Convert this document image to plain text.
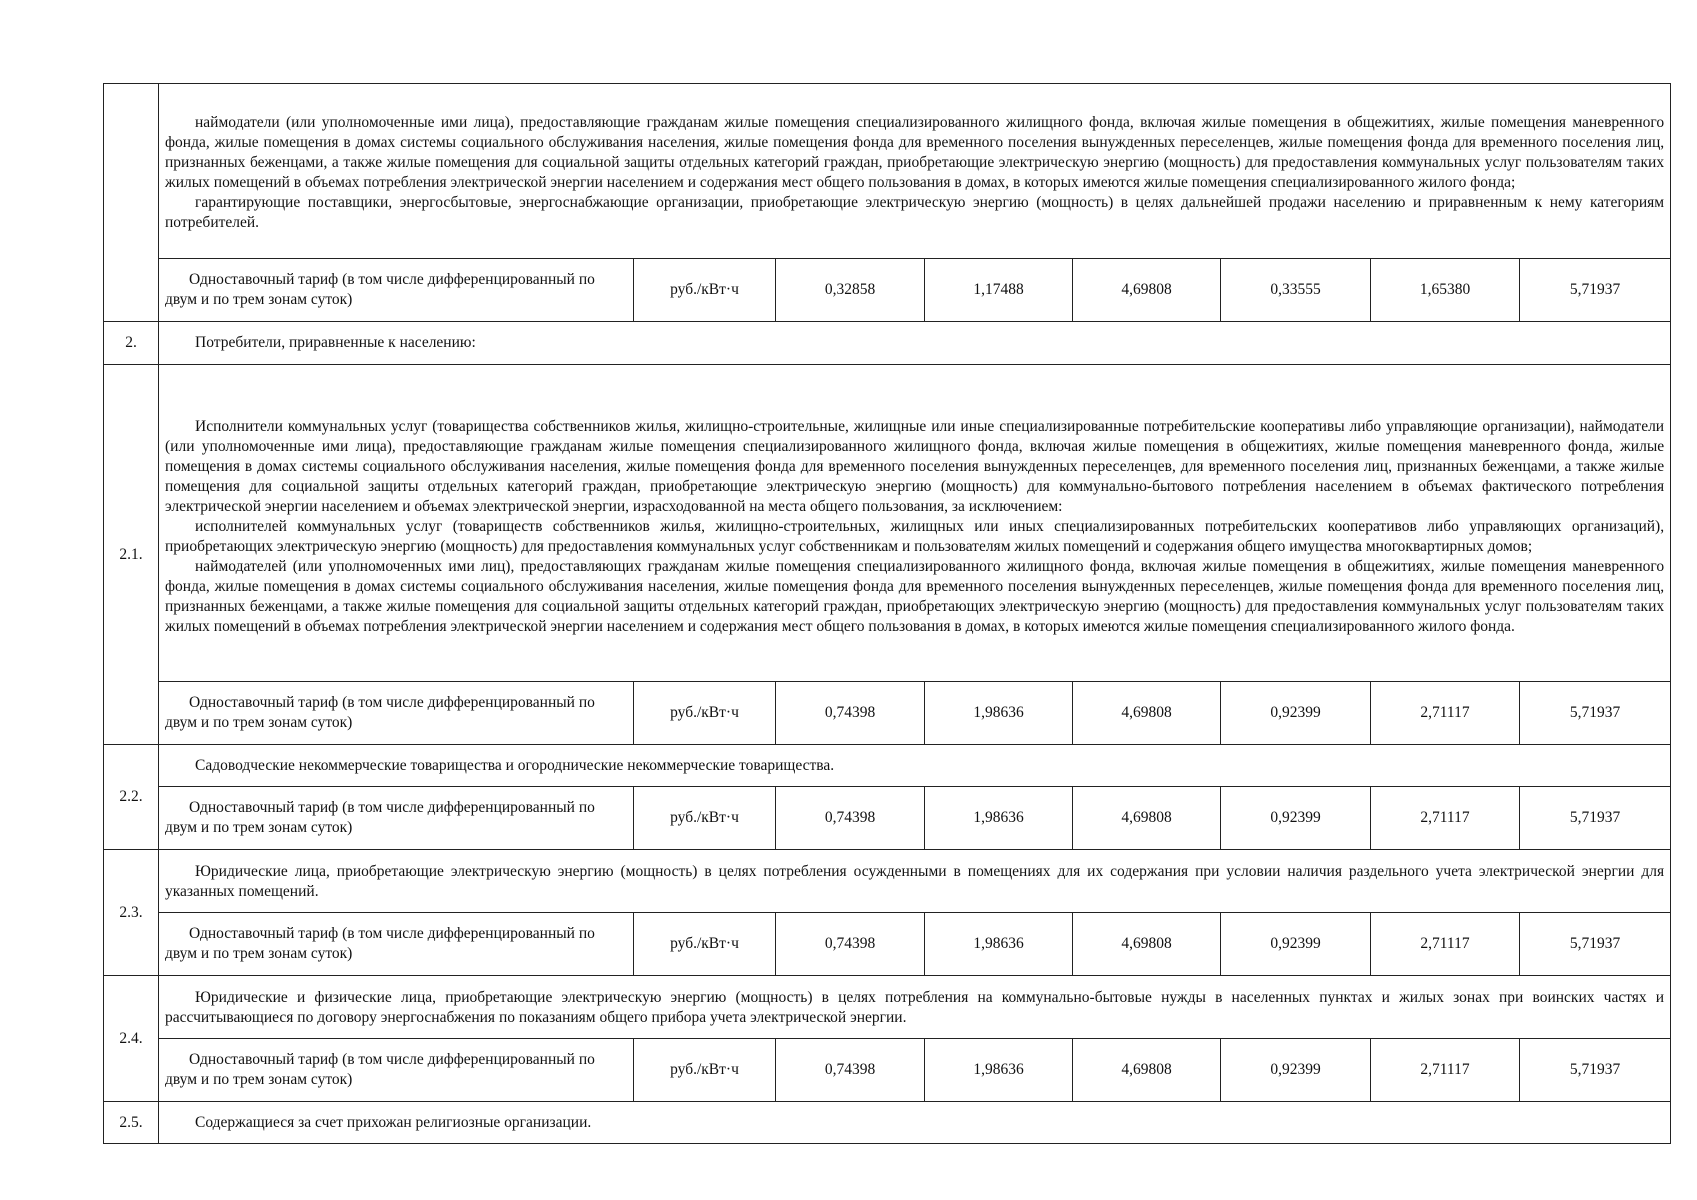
	наймодатели (или уполномоченные ими лица), предоставляющие гражданам жилые помещения специализированного жилищного фонда, включая жилые помещения в общежитиях, жилые помещения маневренного фонда, жилые помещения в домах системы социального обслуживания населения, жилые помещения фонда для временного поселения вынужденных переселенцев, жилые помещения фонда для временного поселения лиц, признанных беженцами, а также жилые помещения для социальной защиты отдельных категорий граждан, приобретающие электрическую энергию (мощность) для предоставления коммунальных услуг пользователям таких жилых помещений в объемах потребления электрической энергии населением и содержания мест общего пользования в домах, в которых имеются жилые помещения специализированного жилого фонда;

гарантирующие поставщики, энергосбытовые, энергоснабжающие организации, приобретающие электрическую энергию (мощность) в целях дальнейшей продажи населению и приравненным к нему категориям потребителей.							

	Одноставочный тариф (в том числе дифференцированный по двум и по трем зонам суток)	руб./кВт·ч	0,32858	1,17488	4,69808	0,33555	1,65380	5,71937
2.	Потребители, приравненные к населению:							
2.1.	Исполнители коммунальных услуг (товарищества собственников жилья, жилищно-строительные, жилищные или иные специализированные потребительские кооперативы либо управляющие организации), наймодатели (или уполномоченные ими лица), предоставляющие гражданам жилые помещения специализированного жилищного фонда, включая жилые помещения в общежитиях, жилые помещения маневренного фонда, жилые помещения в домах системы социального обслуживания населения, жилые помещения фонда для временного поселения вынужденных переселенцев, для временного поселения лиц, признанных беженцами, а также жилые помещения для социальной защиты отдельных категорий граждан, приобретающие электрическую энергию (мощность) для коммунально-бытового потребления населением в объемах фактического потребления электрической энергии населением и объемах электрической энергии, израсходованной на места общего пользования, за исключением:

исполнителей коммунальных услуг (товариществ собственников жилья, жилищно-строительных, жилищных или иных специализированных потребительских кооперативов либо управляющих организаций), приобретающих электрическую энергию (мощность) для предоставления коммунальных услуг собственникам и пользователям жилых помещений и содержания общего имущества многоквартирных домов;

наймодателей (или уполномоченных ими лиц), предоставляющих гражданам жилые помещения специализированного жилищного фонда, включая жилые помещения в общежитиях, жилые помещения маневренного фонда, жилые помещения в домах системы социального обслуживания населения, жилые помещения фонда для временного поселения вынужденных переселенцев, жилые помещения фонда для временного поселения лиц, признанных беженцами, а также жилые помещения для социальной защиты отдельных категорий граждан, приобретающих электрическую энергию (мощность) для предоставления коммунальных услуг пользователям таких жилых помещений в объемах потребления электрической энергии населением и содержания мест общего пользования в домах, в которых имеются жилые помещения специализированного жилого фонда.							

	Одноставочный тариф (в том числе дифференцированный по двум и по трем зонам суток)	руб./кВт·ч	0,74398	1,98636	4,69808	0,92399	2,71117	5,71937
2.2.	Садоводческие некоммерческие товарищества и огороднические некоммерческие товарищества.							
	Одноставочный тариф (в том числе дифференцированный по двум и по трем зонам суток)	руб./кВт·ч	0,74398	1,98636	4,69808	0,92399	2,71117	5,71937
2.3.	Юридические лица, приобретающие электрическую энергию (мощность) в целях потребления осужденными в помещениях для их содержания при условии наличия раздельного учета электрической энергии для указанных помещений.							

	Одноставочный тариф (в том числе дифференцированный по двум и по трем зонам суток)	руб./кВт·ч	0,74398	1,98636	4,69808	0,92399	2,71117	5,71937
2.4.	Юридические и физические лица, приобретающие электрическую энергию (мощность) в целях потребления на коммунально-бытовые нужды в населенных пунктах и жилых зонах при воинских частях и рассчитывающиеся по договору энергоснабжения по показаниям общего прибора учета электрической энергии.							

	Одноставочный тариф (в том числе дифференцированный по двум и по трем зонам суток)	руб./кВт·ч	0,74398	1,98636	4,69808	0,92399	2,71117	5,71937
2.5.	Содержащиеся за счет прихожан религиозные организации.							
